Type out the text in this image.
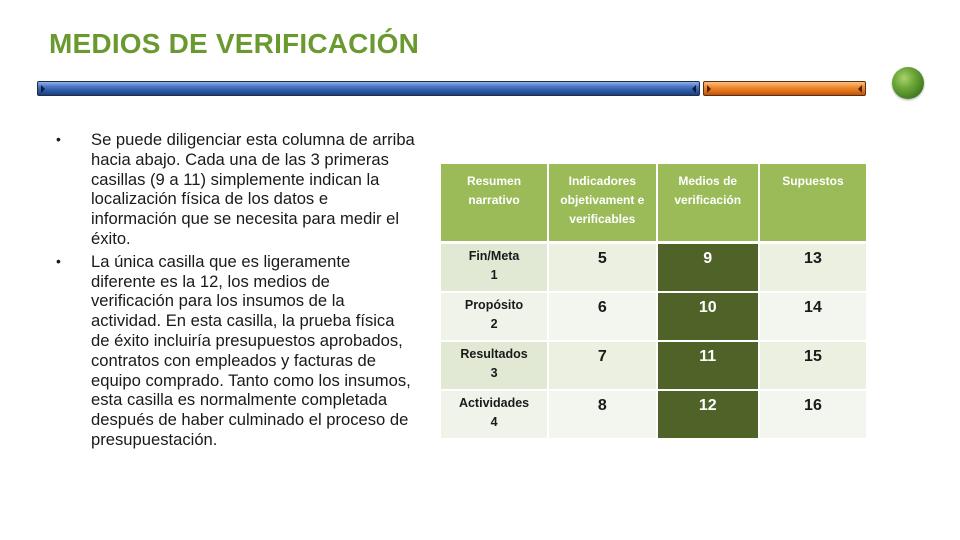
MEDIOS DE VERIFICACIÓN
• Se puede diligenciar esta columna de arriba hacia abajo. Cada una de las 3 primeras casillas (9 a 11) simplemente indican la localización física de los datos e información que se necesita para medir el éxito.
• La única casilla que es ligeramente diferente es la 12, los medios de verificación para los insumos de la actividad. En esta casilla, la prueba física de éxito incluiría presupuestos aprobados, contratos con empleados y facturas de equipo comprado. Tanto como los insumos, esta casilla es normalmente completada después de haber culminado el proceso de presupuestación.
Resumen narrativo	Indicadores objetivament e verificables	Medios de verificación	Supuestos

Fin/Meta
1	5	9	13

Propósito
2	6	10	14

Resultados
3	7	11	15

Actividades
4	8	12	16
